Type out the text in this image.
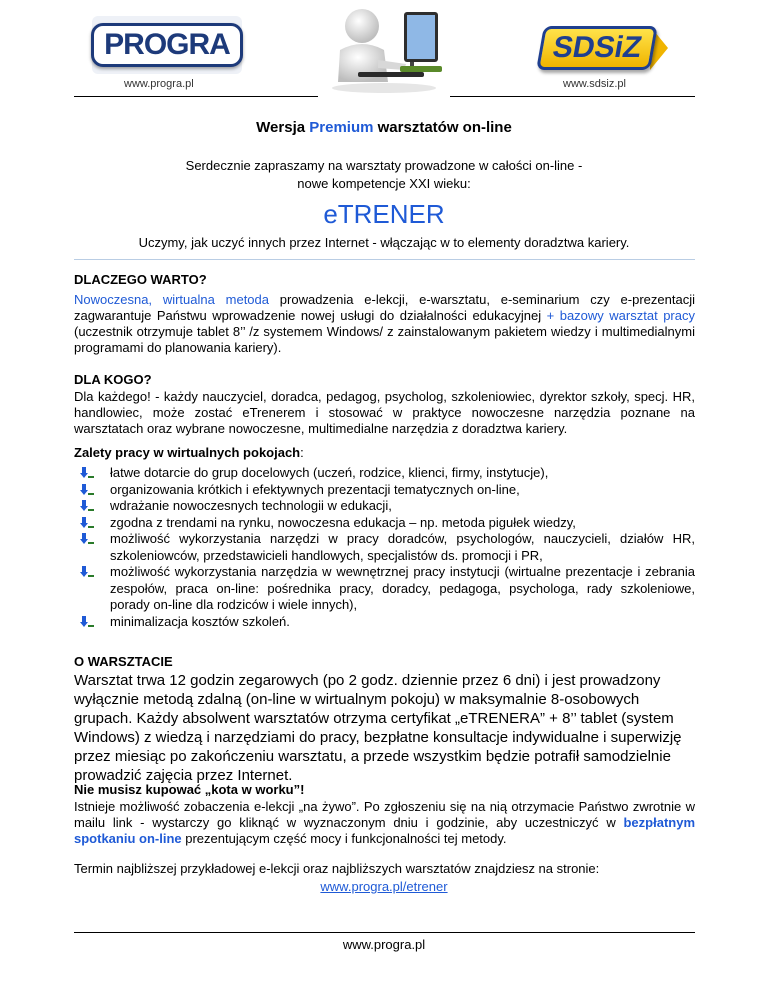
PROGRA
www.progra.pl
SDSiZ
www.sdsiz.pl
Wersja Premium warsztatów on-line
Serdecznie zapraszamy na warsztaty prowadzone w całości on-line -
nowe kompetencje XXI wieku:
eTRENER
Uczymy, jak uczyć innych przez Internet - włączając w to elementy doradztwa kariery.
DLACZEGO WARTO?
Nowoczesna, wirtualna metoda prowadzenia e-lekcji, e-warsztatu, e-seminarium czy e-prezentacji zagwarantuje Państwu wprowadzenie nowej usługi do działalności edukacyjnej + bazowy warsztat pracy (uczestnik otrzymuje tablet 8’’ /z systemem Windows/ z zainstalowanym pakietem wiedzy i multimedialnymi programami do planowania kariery).
DLA KOGO?
Dla każdego! - każdy nauczyciel, doradca, pedagog, psycholog, szkoleniowiec, dyrektor szkoły, specj. HR, handlowiec, może zostać eTrenerem i stosować w praktyce nowoczesne narzędzia poznane na warsztatach oraz wybrane nowoczesne, multimedialne narzędzia z doradztwa kariery.
Zalety pracy w wirtualnych pokojach:
łatwe dotarcie do grup docelowych (uczeń, rodzice, klienci, firmy, instytucje),
organizowania krótkich i efektywnych prezentacji tematycznych on-line,
wdrażanie nowoczesnych technologii w edukacji,
zgodna z trendami na rynku, nowoczesna edukacja – np. metoda pigułek wiedzy,
możliwość wykorzystania narzędzi w pracy doradców, psychologów, nauczycieli, działów HR, szkoleniowców, przedstawicieli handlowych, specjalistów ds. promocji i PR,
możliwość wykorzystania narzędzia w wewnętrznej pracy instytucji (wirtualne prezentacje i zebrania zespołów, praca on-line: pośrednika pracy, doradcy, pedagoga, psychologa, rady szkoleniowe, porady on-line dla rodziców i wiele innych),
minimalizacja kosztów szkoleń.
O WARSZTACIE
Warsztat trwa 12 godzin zegarowych (po 2 godz. dziennie przez 6 dni) i jest prowadzony wyłącznie metodą zdalną (on-line w wirtualnym pokoju) w maksymalnie 8-osobowych grupach. Każdy absolwent warsztatów otrzyma certyfikat „eTRENERA” + 8’’ tablet (system Windows) z wiedzą i narzędziami do pracy, bezpłatne konsultacje indywidualne i superwizję przez miesiąc po zakończeniu warsztatu, a przede wszystkim będzie potrafił samodzielnie prowadzić zajęcia przez Internet.
Nie musisz kupować „kota w worku”!
Istnieje możliwość zobaczenia e-lekcji „na żywo”. Po zgłoszeniu się na nią otrzymacie Państwo zwrotnie w mailu link - wystarczy go kliknąć w wyznaczonym dniu i godzinie, aby uczestniczyć w bezpłatnym spotkaniu on-line prezentującym część mocy i funkcjonalności tej metody.
Termin najbliższej przykładowej e-lekcji oraz najbliższych warsztatów znajdziesz na stronie:
www.progra.pl/etrener
www.progra.pl
